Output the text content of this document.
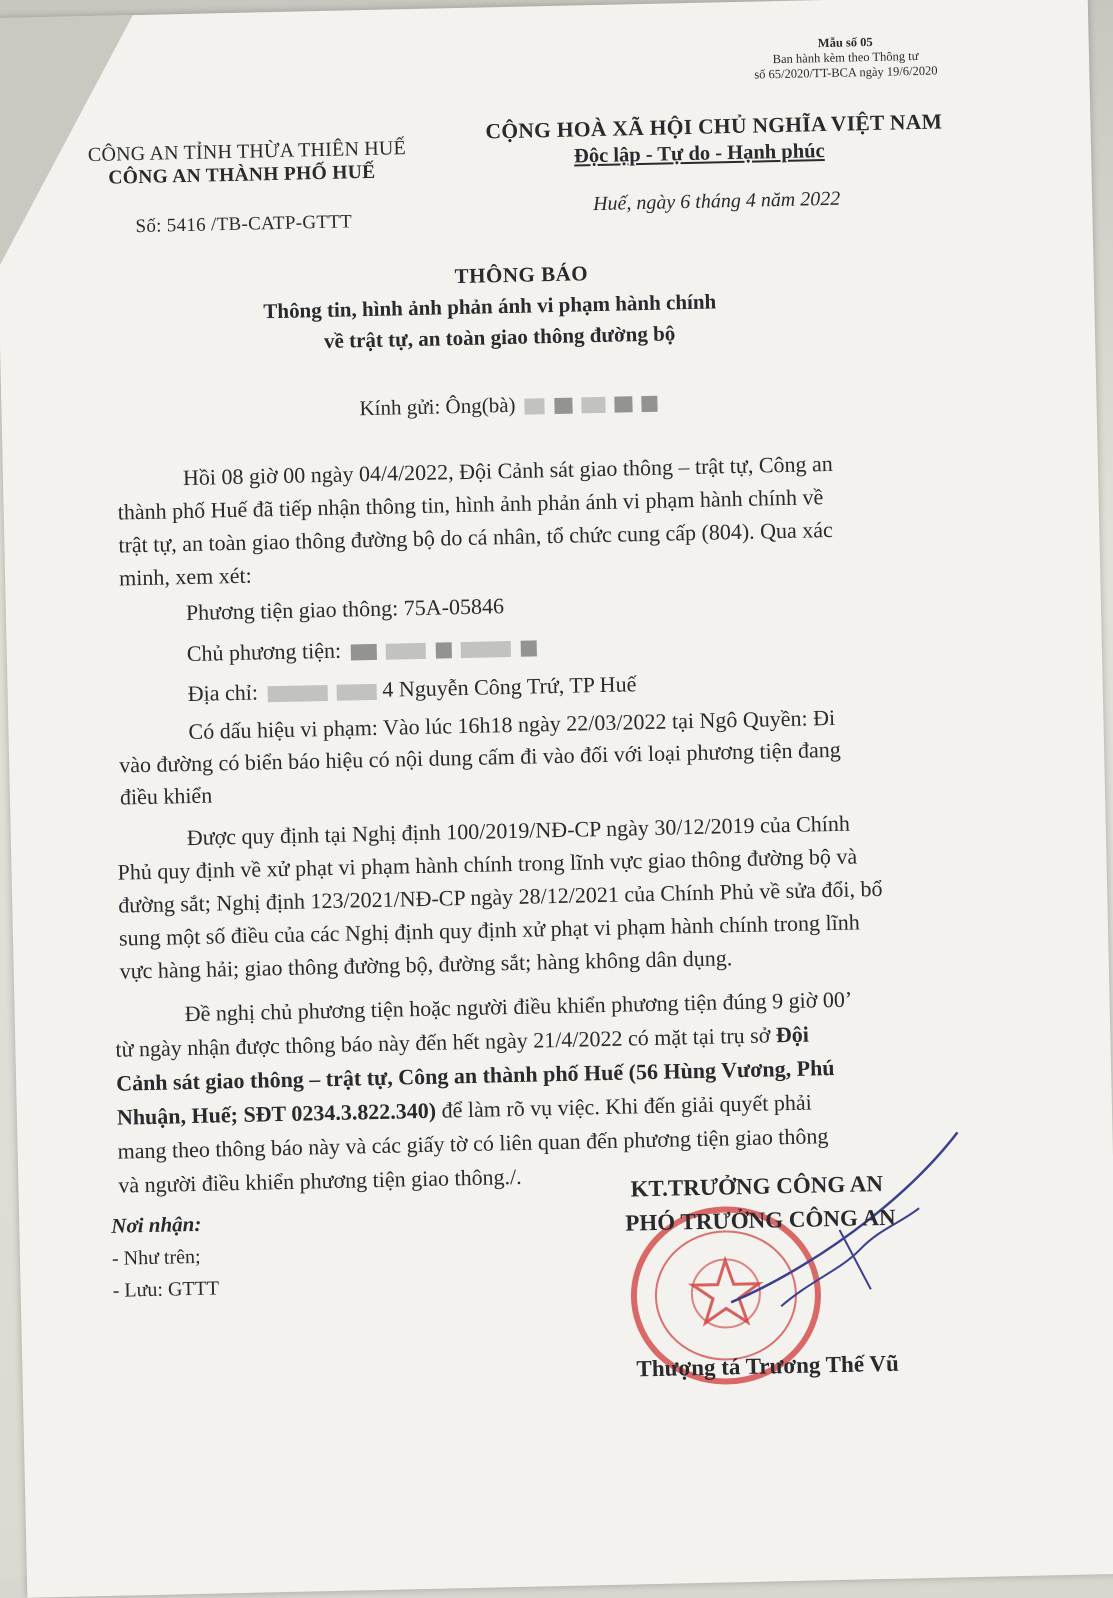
Mẫu số 05
Ban hành kèm theo Thông tư
số 65/2020/TT-BCA ngày 19/6/2020
CÔNG AN TỈNH THỪA THIÊN HUẾ
CÔNG AN THÀNH PHỐ HUẾ
CỘNG HOÀ XÃ HỘI CHỦ NGHĨA VIỆT NAM
Độc lập - Tự do - Hạnh phúc
Số: 5416 /TB-CATP-GTTT
Huế, ngày 6 tháng 4 năm 2022
THÔNG BÁO
Thông tin, hình ảnh phản ánh vi phạm hành chính
về trật tự, an toàn giao thông đường bộ
Kính gửi: Ông(bà)
Hồi 08 giờ 00 ngày 04/4/2022, Đội Cảnh sát giao thông – trật tự, Công an
thành phố Huế đã tiếp nhận thông tin, hình ảnh phản ánh vi phạm hành chính về
trật tự, an toàn giao thông đường bộ do cá nhân, tổ chức cung cấp (804). Qua xác
minh, xem xét:
Phương tiện giao thông: 75A-05846
Chủ phương tiện:
Địa chỉ:	4 Nguyễn Công Trứ, TP Huế
Có dấu hiệu vi phạm: Vào lúc 16h18 ngày 22/03/2022 tại Ngô Quyền: Đi
vào đường có biển báo hiệu có nội dung cấm đi vào đối với loại phương tiện đang
điều khiển
Được quy định tại Nghị định 100/2019/NĐ-CP ngày 30/12/2019 của Chính
Phủ quy định về xử phạt vi phạm hành chính trong lĩnh vực giao thông đường bộ và
đường sắt; Nghị định 123/2021/NĐ-CP ngày 28/12/2021 của Chính Phủ về sửa đổi, bổ
sung một số điều của các Nghị định quy định xử phạt vi phạm hành chính trong lĩnh
vực hàng hải; giao thông đường bộ, đường sắt; hàng không dân dụng.
Đề nghị chủ phương tiện hoặc người điều khiển phương tiện đúng 9 giờ 00’
từ ngày nhận được thông báo này đến hết ngày 21/4/2022 có mặt tại trụ sở Đội
Cảnh sát giao thông – trật tự, Công an thành phố Huế (56 Hùng Vương, Phú
Nhuận, Huế; SĐT 0234.3.822.340) để làm rõ vụ việc. Khi đến giải quyết phải
mang theo thông báo này và các giấy tờ có liên quan đến phương tiện giao thông
và người điều khiển phương tiện giao thông./.
Nơi nhận:
- Như trên;
- Lưu: GTTT
KT.TRƯỞNG CÔNG AN
PHÓ TRƯỞNG CÔNG AN
Thượng tá Trương Thế Vũ
